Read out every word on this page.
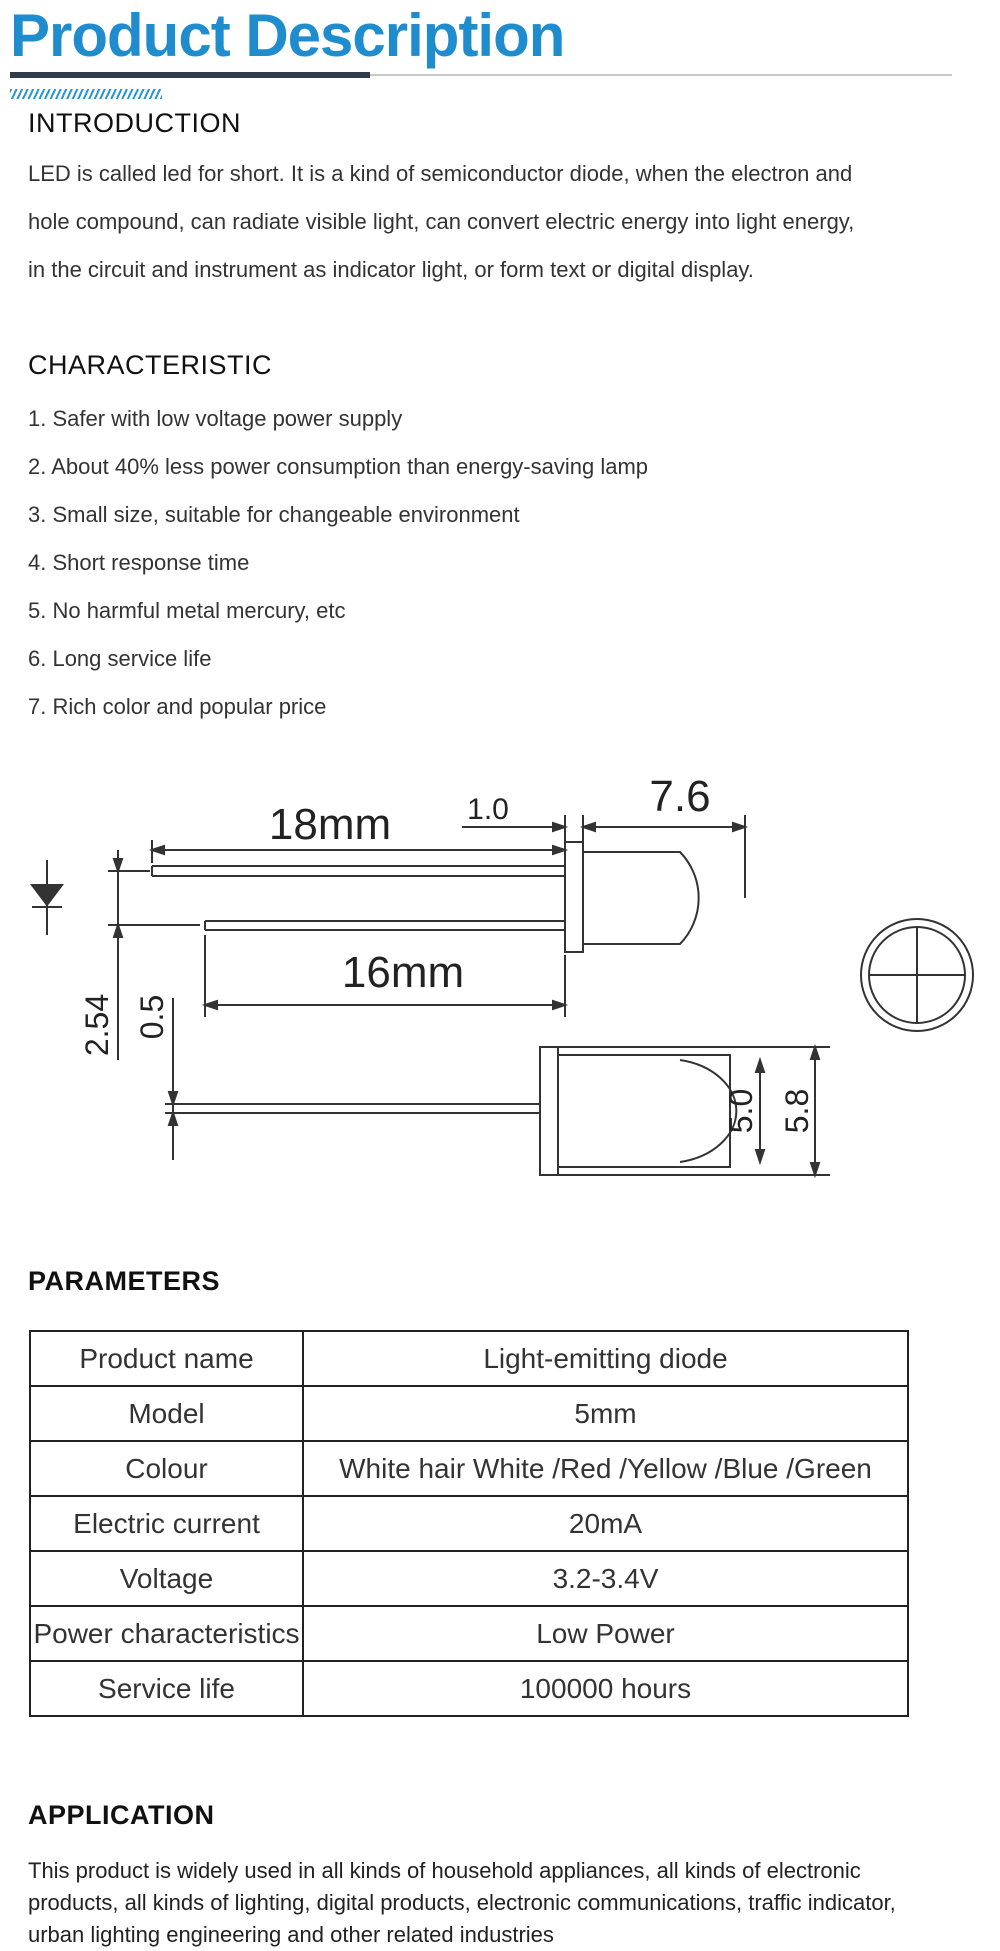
Product Description
INTRODUCTION

LED is called led for short. It is a kind of semiconductor diode, when the electron and
hole compound, can radiate visible light, can convert electric energy into light energy,
in the circuit and instrument as indicator light, or form text or digital display.

CHARACTERISTIC
1. Safer with low voltage power supply
2. About 40% less power consumption than energy-saving lamp
3. Small size, suitable for changeable environment
4. Short response time
5. No harmful metal mercury, etc
6. Long service life
7. Rich color and popular price
18mm	1.0	7.6
16mm
2.54 0.5
5.0 5.8
PARAMETERS
Product name	Light-emitting diode
Model	5mm
Colour	White hair White /Red /Yellow /Blue /Green
Electric current	20mA
Voltage	3.2-3.4V
Power characteristics	Low Power
Service life	100000 hours
APPLICATION

This product is widely used in all kinds of household appliances, all kinds of electronic
products, all kinds of lighting, digital products, electronic communications, traffic indicator,
urban lighting engineering and other related industries
